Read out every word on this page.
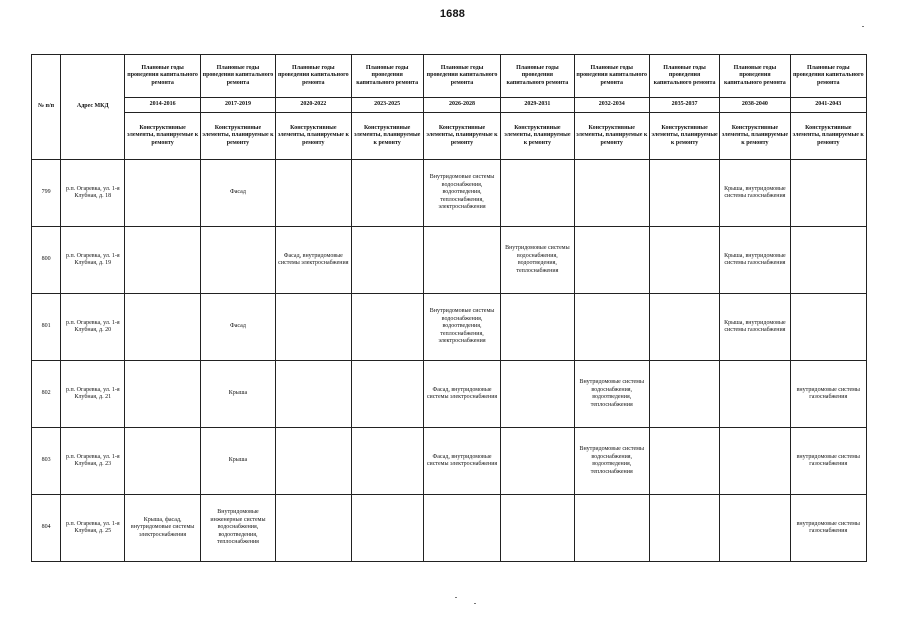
1688
№ п/п	Адрес МКД	Плановые годы проведения капитального ремонта	Плановые годы проведения капитального ремонта	Плановые годы проведения капитального ремонта	Плановые годы проведения капитального ремонта	Плановые годы проведения капитального ремонта	Плановые годы проведения капитального ремонта	Плановые годы проведения капитального ремонта	Плановые годы проведения капитального ремонта	Плановые годы проведения капитального ремонта	Плановые годы проведения капитального ремонта
		2014-2016	2017-2019	2020-2022	2023-2025	2026-2028	2029-2031	2032-2034	2035-2037	2038-2040	2041-2043
		Конструктивные элементы, планируемые к ремонту	Конструктивные элементы, планируемые к ремонту	Конструктивные элементы, планируемые к ремонту	Конструктивные элементы, планируемые к ремонту	Конструктивные элементы, планируемые к ремонту	Конструктивные элементы, планируемые к ремонту	Конструктивные элементы, планируемые к ремонту	Конструктивные элементы, планируемые к ремонту	Конструктивные элементы, планируемые к ремонту	Конструктивные элементы, планируемые к ремонту
799	р.п. Огаревка, ул. 1-я Клубная, д. 18		Фасад			Внутридомовые системы водоснабжения, водоотведения, теплоснабжения, электроснабжения				Крыша, внутридомовые системы газоснабжения	
800	р.п. Огаревка, ул. 1-я Клубная, д. 19			Фасад, внутридомовые системы электроснабжения			Внутридомовые системы водоснабжения, водоотведения, теплоснабжения			Крыша, внутридомовые системы газоснабжения	
801	р.п. Огаревка, ул. 1-я Клубная, д. 20		Фасад			Внутридомовые системы водоснабжения, водоотведения, теплоснабжения, электроснабжения				Крыша, внутридомовые системы газоснабжения	
802	р.п. Огаревка, ул. 1-я Клубная, д. 21		Крыша			Фасад, внутридомовые системы электроснабжения		Внутридомовые системы водоснабжения, водоотведения, теплоснабжения			внутридомовые системы газоснабжения
803	р.п. Огаревка, ул. 1-я Клубная, д. 23		Крыша			Фасад, внутридомовые системы электроснабжения		Внутридомовые системы водоснабжения, водоотведения, теплоснабжения			внутридомовые системы газоснабжения
804	р.п. Огаревка, ул. 1-я Клубная, д. 25	Крыша, фасад, внутридомовые системы электроснабжения	Внутридомовые инженерные системы водоснабжения, водоотведения, теплоснабжения								внутридомовые системы газоснабжения
